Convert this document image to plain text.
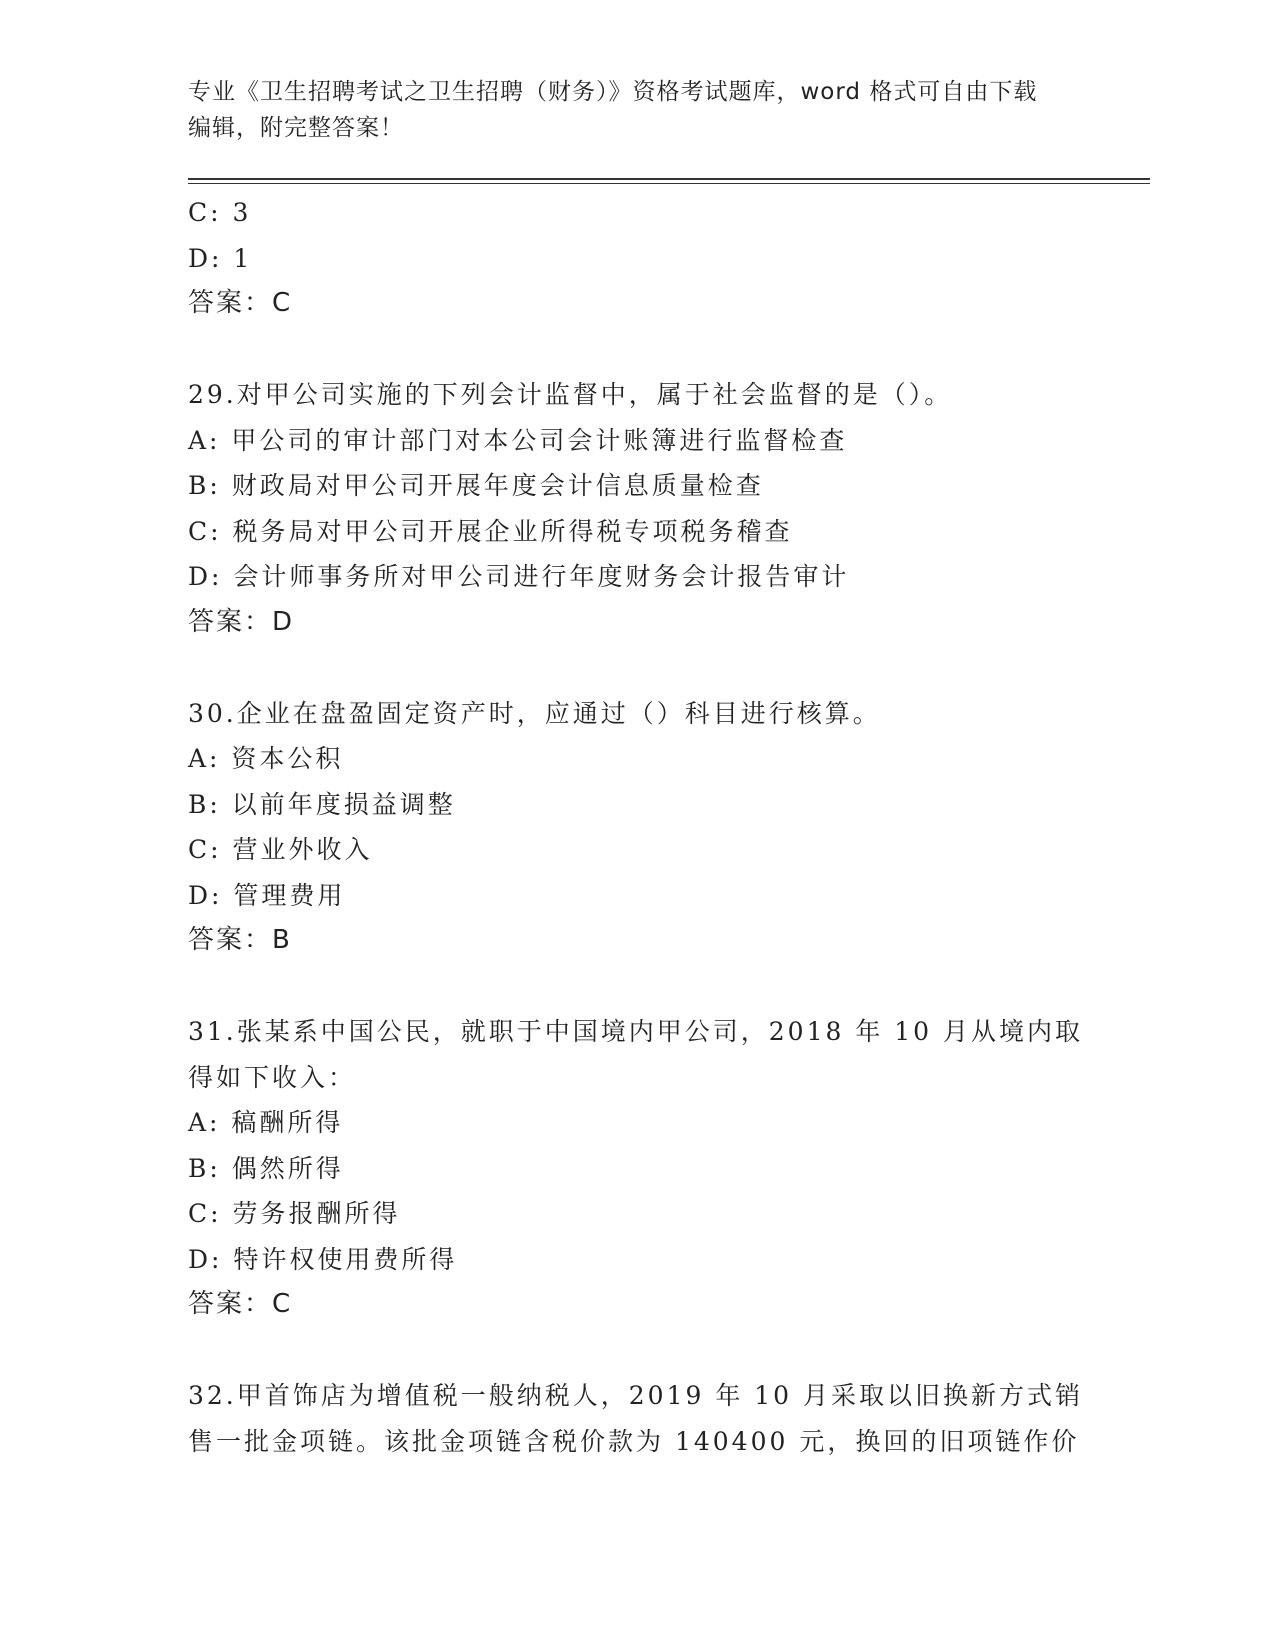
专业《卫生招聘考试之卫生招聘（财务）》资格考试题库，word 格式可自由下载
编辑，附完整答案！
C: 3
D: 1
答案：C
29.对甲公司实施的下列会计监督中，属于社会监督的是（）。
A: 甲公司的审计部门对本公司会计账簿进行监督检查
B: 财政局对甲公司开展年度会计信息质量检查
C: 税务局对甲公司开展企业所得税专项税务稽查
D: 会计师事务所对甲公司进行年度财务会计报告审计
答案：D
30.企业在盘盈固定资产时，应通过（）科目进行核算。
A: 资本公积
B: 以前年度损益调整
C: 营业外收入
D: 管理费用
答案：B
31.张某系中国公民，就职于中国境内甲公司，2018 年 10 月从境内取
得如下收入：
A: 稿酬所得
B: 偶然所得
C: 劳务报酬所得
D: 特许权使用费所得
答案：C
32.甲首饰店为增值税一般纳税人，2019 年 10 月采取以旧换新方式销
售一批金项链。该批金项链含税价款为 140400 元，换回的旧项链作价
